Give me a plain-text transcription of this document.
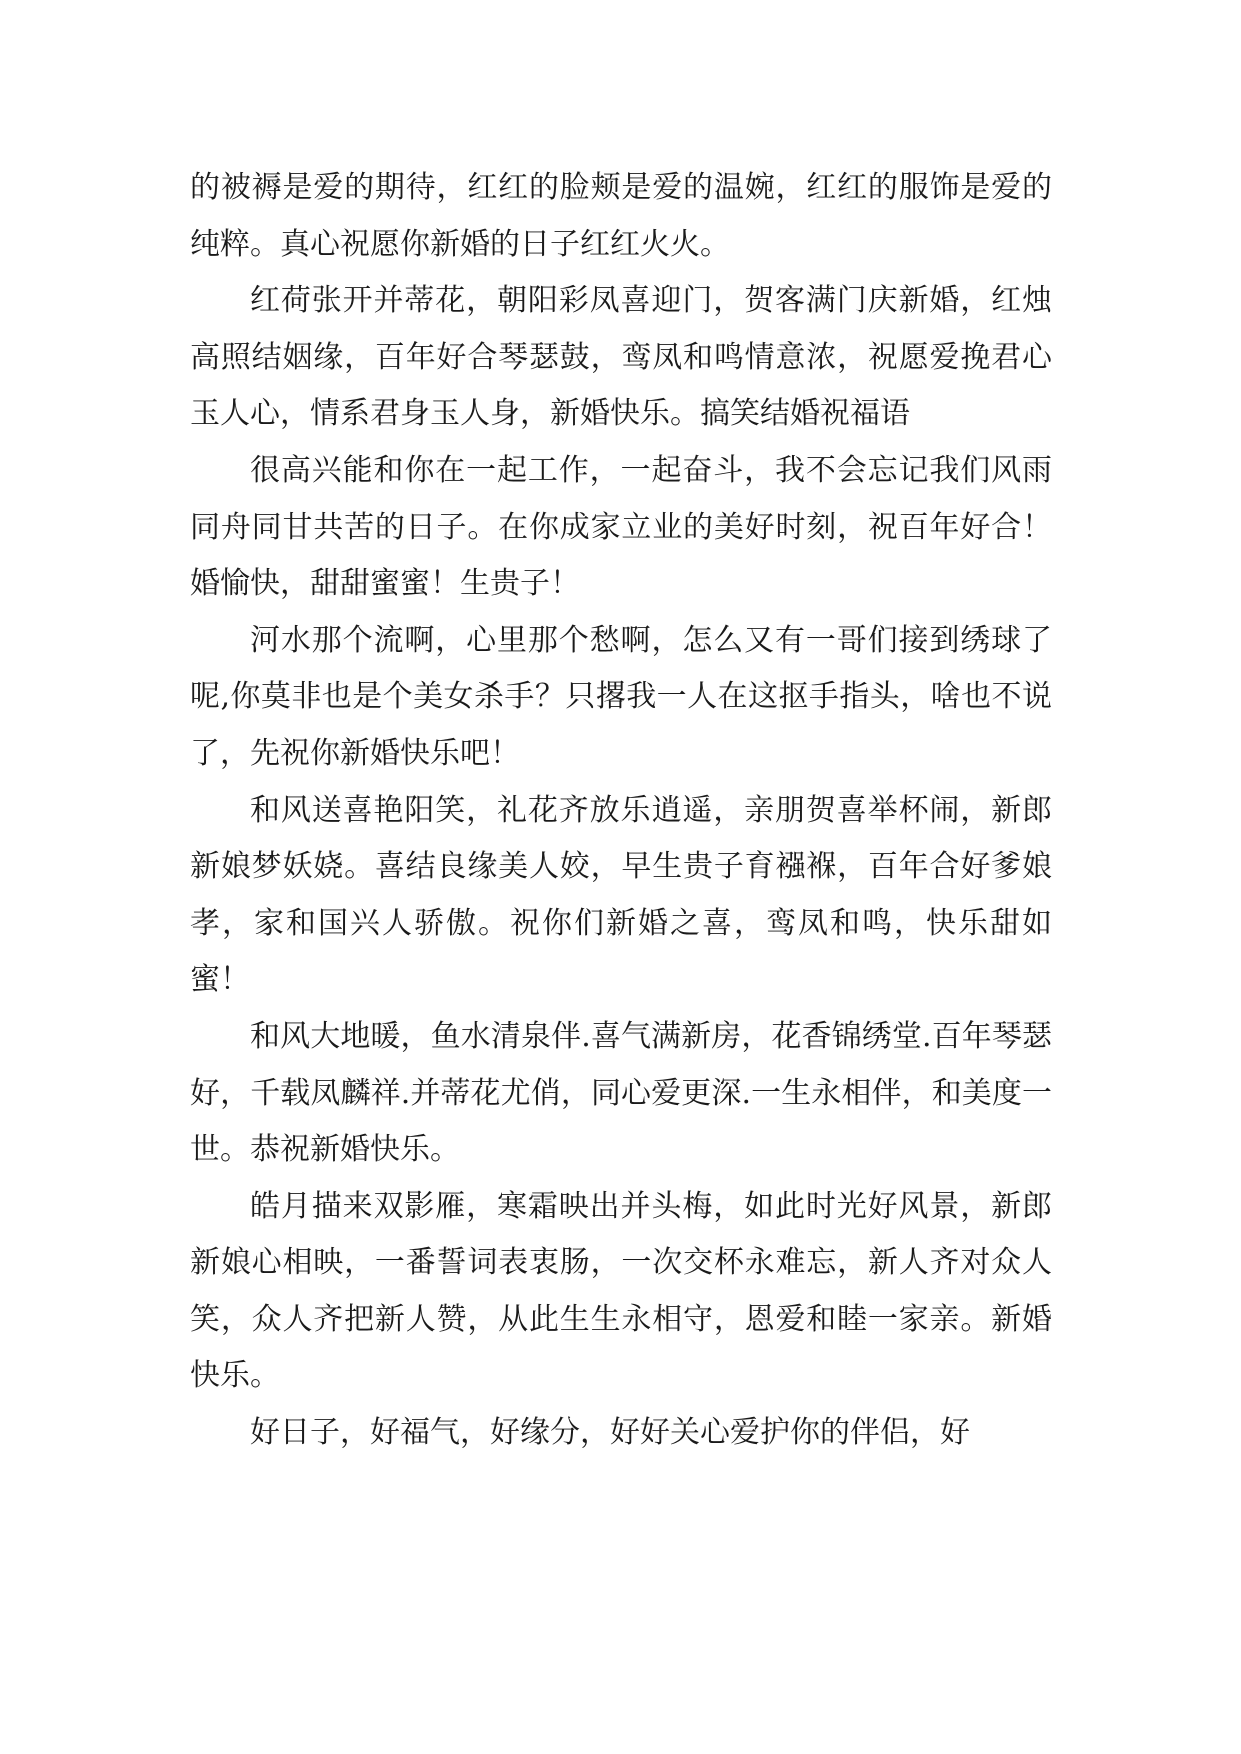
的被褥是爱的期待，红红的脸颊是爱的温婉，红红的服饰是爱的纯粹。真心祝愿你新婚的日子红红火火。

红荷张开并蒂花，朝阳彩凤喜迎门，贺客满门庆新婚，红烛高照结姻缘，百年好合琴瑟鼓，鸾凤和鸣情意浓，祝愿爱挽君心玉人心，情系君身玉人身，新婚快乐。搞笑结婚祝福语

很高兴能和你在一起工作，一起奋斗，我不会忘记我们风雨同舟同甘共苦的日子。在你成家立业的美好时刻，祝百年好合！婚愉快，甜甜蜜蜜！生贵子！

河水那个流啊，心里那个愁啊，怎么又有一哥们接到绣球了呢,你莫非也是个美女杀手？只撂我一人在这抠手指头，啥也不说了，先祝你新婚快乐吧！

和风送喜艳阳笑，礼花齐放乐逍遥，亲朋贺喜举杯闹，新郎新娘梦妖娆。喜结良缘美人姣，早生贵子育襁褓，百年合好爹娘孝，家和国兴人骄傲。祝你们新婚之喜，鸾凤和鸣，快乐甜如蜜！

和风大地暖，鱼水清泉伴.喜气满新房，花香锦绣堂.百年琴瑟好，千载凤麟祥.并蒂花尤俏，同心爱更深.一生永相伴，和美度一世。恭祝新婚快乐。

皓月描来双影雁，寒霜映出并头梅，如此时光好风景，新郎新娘心相映，一番誓词表衷肠，一次交杯永难忘，新人齐对众人笑，众人齐把新人赞，从此生生永相守，恩爱和睦一家亲。新婚快乐。

好日子，好福气，好缘分，好好关心爱护你的伴侣，好
